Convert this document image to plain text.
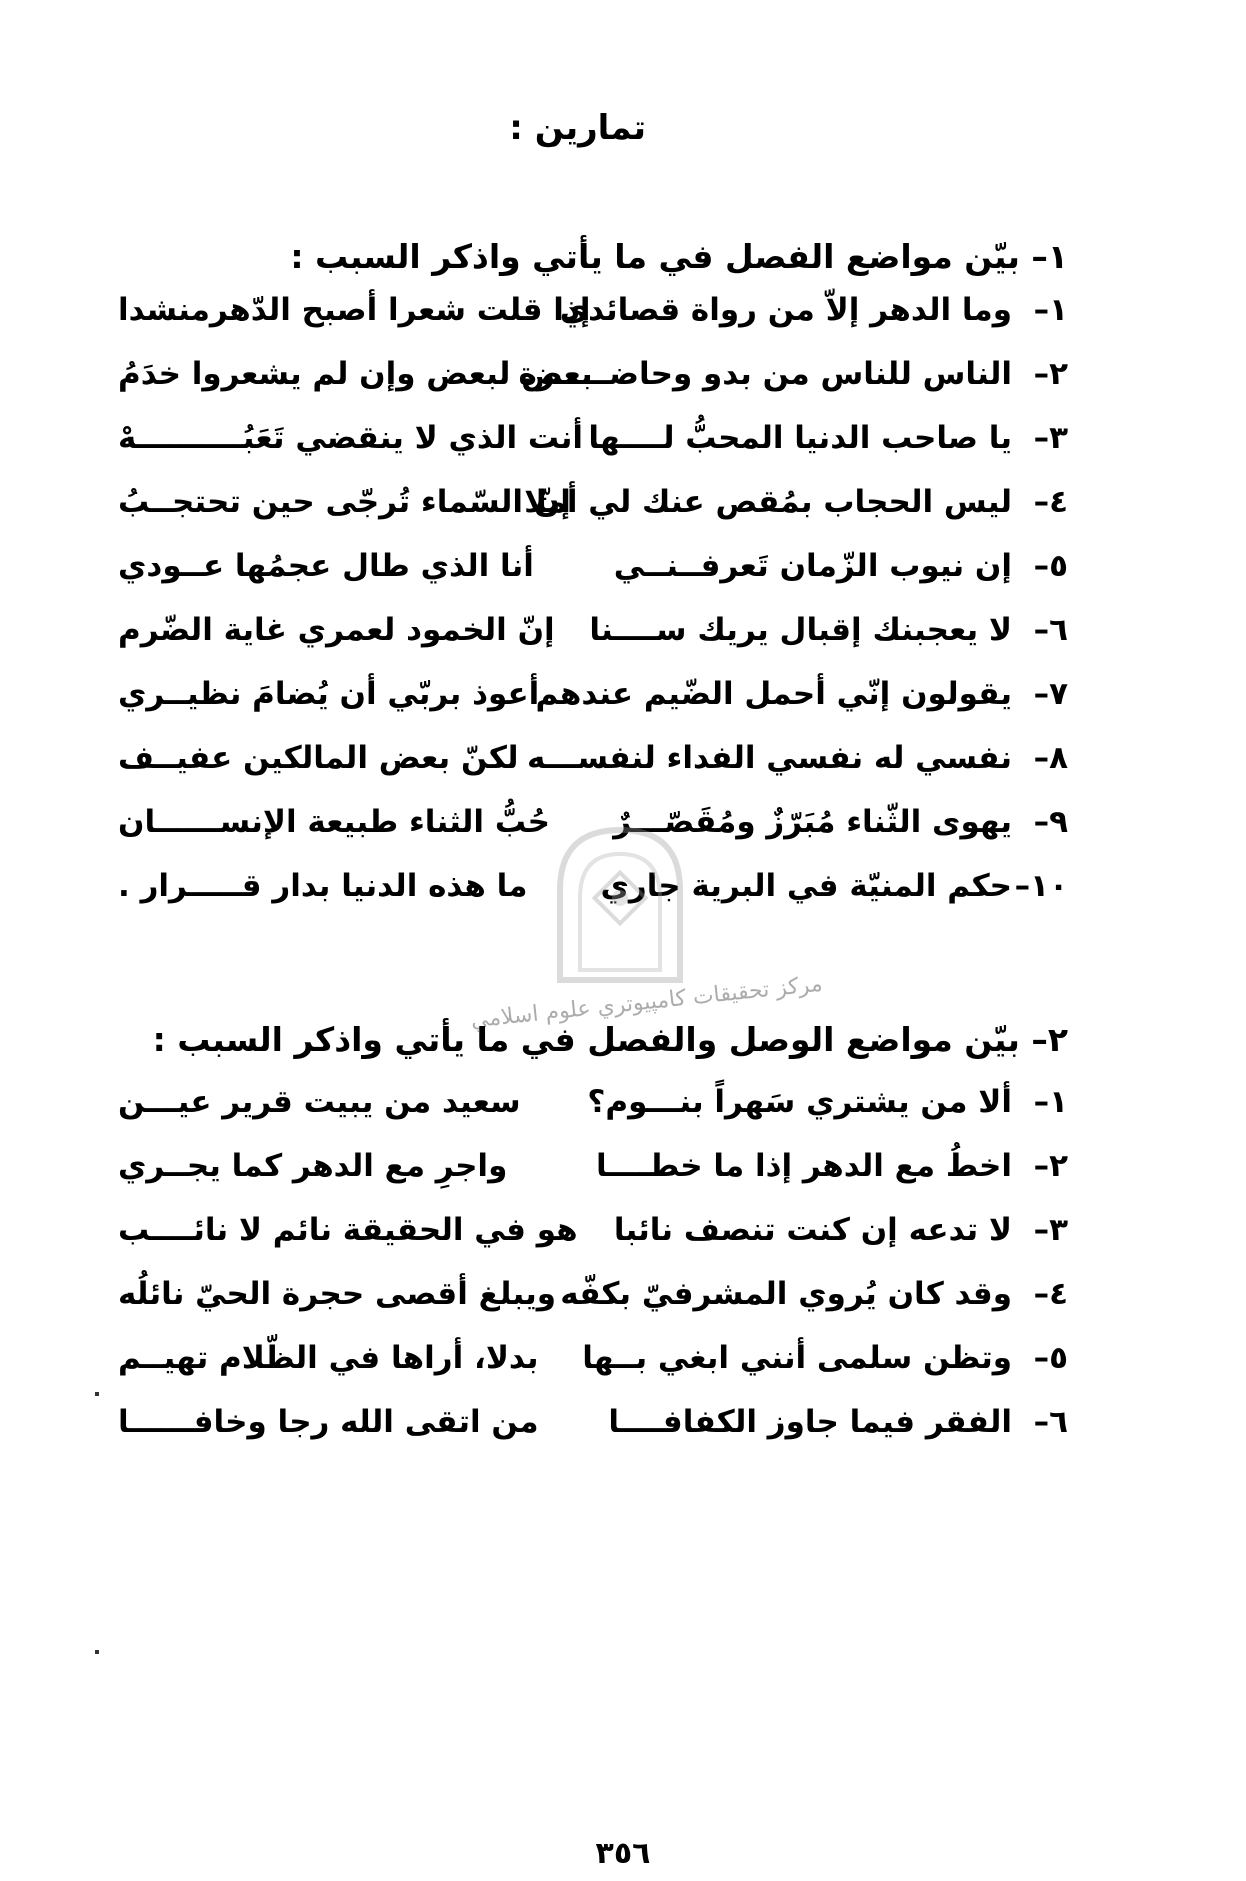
تمارين :
١– بيّن مواضع الفصل في ما يأتي واذكر السبب :
١–
وما الدهر إلاّ من رواة قصائدي
إذا قلت شعرا أصبح الدّهرمنشدا
٢–
الناس للناس من بدو وحاضـــــرة
بعض لبعض وإن لم يشعروا خدَمُ
٣–
يا صاحب الدنيا المحبُّ لــــها
أنت الذي لا ينقضي تَعَبُــــــــــهْ
٤–
ليس الحجاب بمُقص عنك لي أملا
إنّ السّماء تُرجّى حين تحتجــبُ
٥–
إن نيوب الزّمان تَعرفــنــي
أنا الذي طال عجمُها عــودي
٦–
لا يعجبنك إقبال يريك ســــنا
إنّ الخمود لعمري غاية الضّرم
٧–
يقولون إنّي أحمل الضّيم عندهم
أعوذ بربّي أن يُضامَ نظيــري
٨–
نفسي له نفسي الفداء لنفســـه
لكنّ بعض المالكين عفيــف
٩–
يهوى الثّناء مُبَرّزٌ ومُقَصّـــرٌ
حُبُّ الثناء طبيعة الإنســــــان
١٠–
حكم المنيّة في البرية جاري
ما هذه الدنيا بدار قـــــرار .
مركز تحقيقات كامپيوتري علوم اسلامي
٢– بيّن مواضع الوصل والفصل في ما يأتي واذكر السبب :
١–
ألا من يشتري سَهراً بنـــوم؟
سعيد من يبيت قرير عيـــن
٢–
اخطُ مع الدهر إذا ما خطــــا
واجرِ مع الدهر كما يجــري
٣–
لا تدعه إن كنت تنصف نائبا
هو في الحقيقة نائم لا نائــــب
٤–
وقد كان يُروي المشرفيّ بكفّه
ويبلغ أقصى حجرة الحيّ نائلُه
٥–
وتظن سلمى أنني ابغي بــها
بدلا، أراها في الظّلام تهيــم
٦–
الفقر فيما جاوز الكفافــــا
من اتقى الله رجا وخافــــــا
٣٥٦
